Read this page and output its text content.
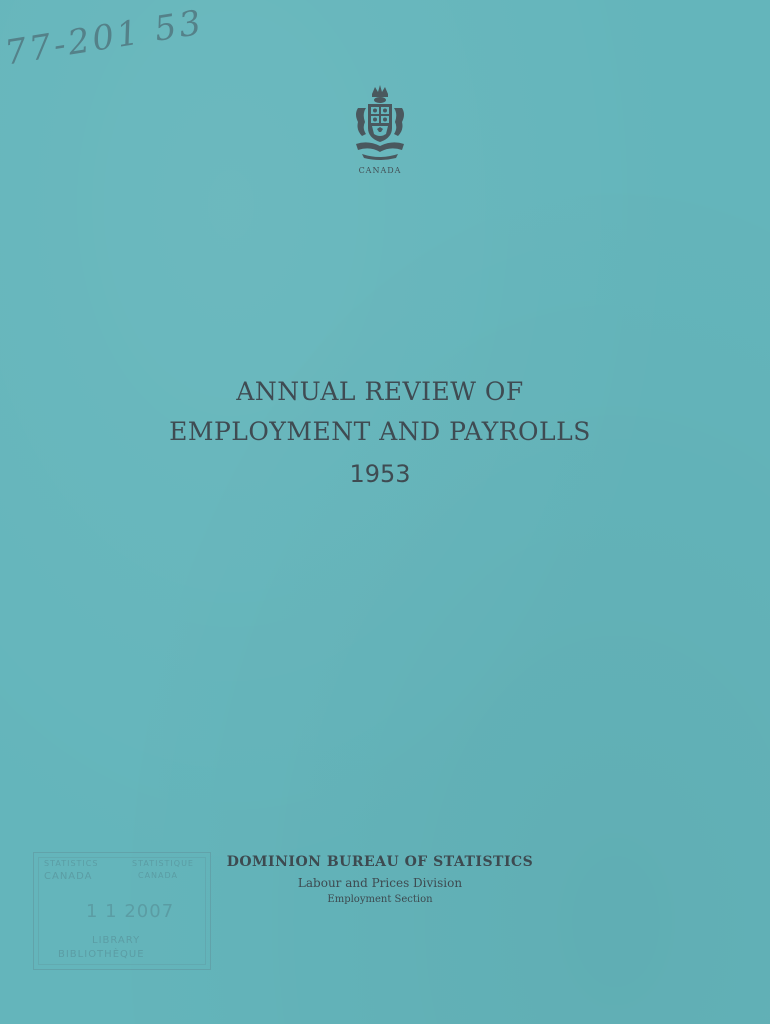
77-201 53
CANADA
ANNUAL REVIEW OF
EMPLOYMENT AND PAYROLLS
1953
STATISTICS	STATISTIQUE
CANADA	CANADA
1 1 2007
LIBRARY
BIBLIOTHÈQUE
DOMINION BUREAU OF STATISTICS
Labour and Prices Division
Employment Section
